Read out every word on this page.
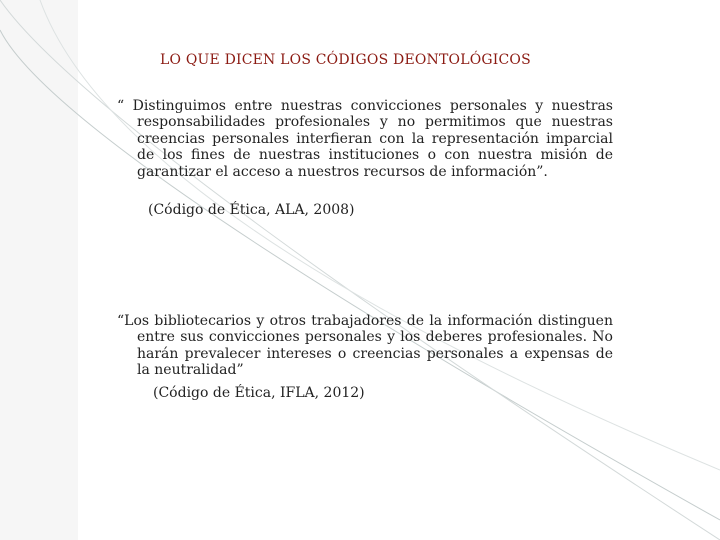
LO QUE DICEN LOS CÓDIGOS DEONTOLÓGICOS
“ Distinguimos entre nuestras convicciones personales y nuestras responsabilidades profesionales y no permitimos que nuestras creencias personales interfieran con la representación imparcial de los fines de nuestras instituciones o con nuestra misión de garantizar el acceso a nuestros recursos de información”.
(Código de Ética, ALA, 2008)
“Los bibliotecarios y otros trabajadores de la información distinguen entre sus convicciones personales y los deberes profesionales. No harán prevalecer intereses o creencias personales a expensas de la neutralidad”
(Código de Ética, IFLA, 2012)
